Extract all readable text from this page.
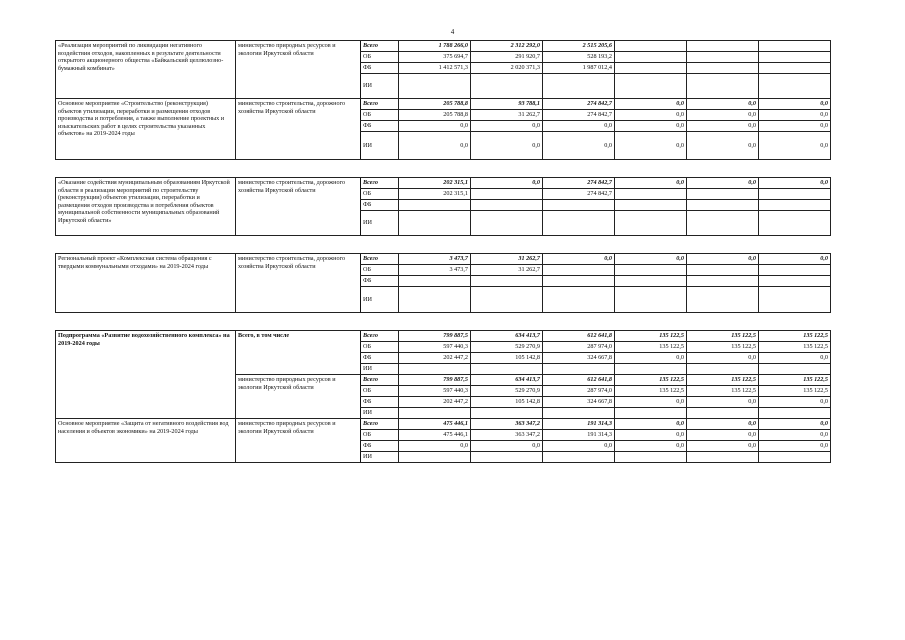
4
«Реализация мероприятий по ликвидации негативного воздействия отходов, накопленных в результате деятельности открытого акционерного общества «Байкальский целлюлозно-бумажный комбинат»	министерство природных ресурсов и экологии Иркутской области	Всего	1 788 266,0	2 312 292,0	2 515 205,6			
		ОБ	375 694,7	291 920,7	528 193,2			
		ФБ	1 412 571,3	2 020 371,3	1 987 012,4			
		ИИ						
Основное мероприятие «Строительство (реконструкция) объектов утилизации, переработки и размещения отходов производства и потребления, а также выполнение проектных и изыскательских работ в целях строительства указанных объектов» на 2019-2024 годы	министерство строительства, дорожного хозяйства Иркутской области	Всего	205 788,8	93 788,1	274 842,7	0,0	0,0	0,0
		ОБ	205 788,8	31 262,7	274 842,7	0,0	0,0	0,0
		ФБ	0,0	0,0	0,0	0,0	0,0	0,0
		ИИ	0,0	0,0	0,0	0,0	0,0	0,0

«Оказание содействия муниципальным образованиям Иркутской области в реализации мероприятий по строительству (реконструкции) объектов утилизации, переработки и размещения отходов производства и потребления объектов муниципальной собственности муниципальных образований Иркутской области»	министерство строительства, дорожного хозяйства Иркутской области	Всего	202 315,1	0,0	274 842,7	0,0	0,0	0,0
		ОБ	202 315,1		274 842,7			
		ФБ						
		ИИ						

Региональный проект «Комплексная система обращения с твердыми коммунальными отходами» на 2019-2024 годы	министерство строительства, дорожного хозяйства Иркутской области	Всего	3 473,7	31 262,7	0,0	0,0	0,0	0,0
		ОБ	3 473,7	31 262,7				
		ФБ						
		ИИ						

Подпрограмма «Развитие водохозяйственного комплекса» на 2019-2024 годы	Всего, в том числе	Всего	799 887,5	634 413,7	612 641,8	135 122,5	135 122,5	135 122,5
		ОБ	597 440,3	529 270,9	287 974,0	135 122,5	135 122,5	135 122,5
		ФБ	202 447,2	105 142,8	324 667,8	0,0	0,0	0,0
		ИИ						
	министерство природных ресурсов и экологии Иркутской области	Всего	799 887,5	634 413,7	612 641,8	135 122,5	135 122,5	135 122,5
		ОБ	597 440,3	529 270,9	287 974,0	135 122,5	135 122,5	135 122,5
		ФБ	202 447,2	105 142,8	324 667,8	0,0	0,0	0,0
		ИИ						
Основное мероприятие «Защита от негативного воздействия вод населения и объектов экономики» на 2019-2024 годы	министерство природных ресурсов и экологии Иркутской области	Всего	475 446,1	363 347,2	191 314,3	0,0	0,0	0,0
		ОБ	475 446,1	363 347,2	191 314,3	0,0	0,0	0,0
		ФБ	0,0	0,0	0,0	0,0	0,0	0,0
		ИИ						
